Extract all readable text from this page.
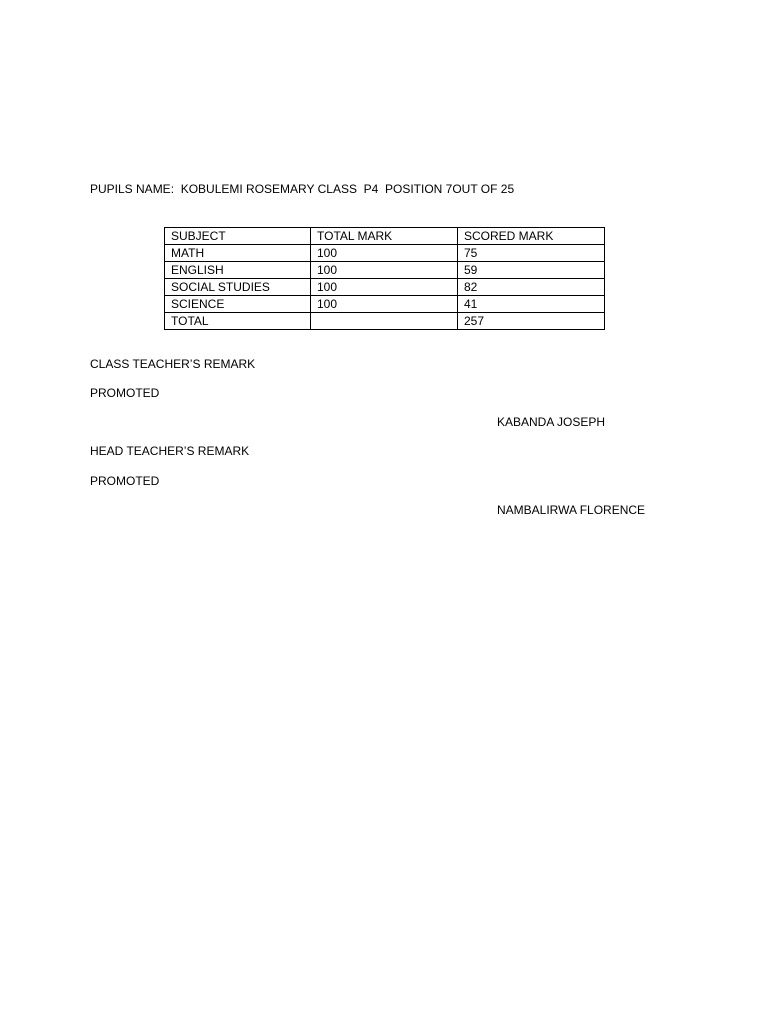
PUPILS NAME:  KOBULEMI ROSEMARY CLASS  P4  POSITION 7OUT OF 25
SUBJECT	TOTAL MARK	SCORED MARK
MATH	100	75
ENGLISH	100	59
SOCIAL STUDIES	100	82
SCIENCE	100	41
TOTAL		257
CLASS TEACHER’S REMARK
PROMOTED
KABANDA JOSEPH
HEAD TEACHER’S REMARK
PROMOTED
NAMBALIRWA FLORENCE
